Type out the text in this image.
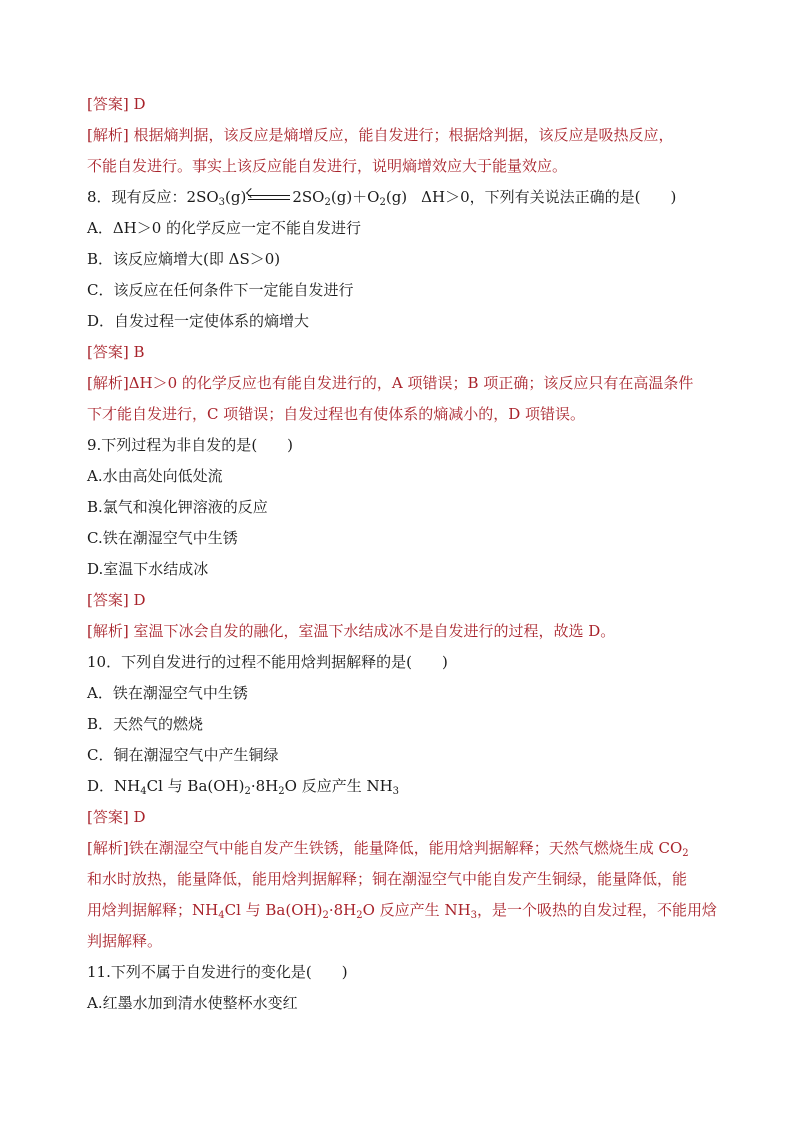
[答案] D
[解析] 根据熵判据，该反应是熵增反应，能自发进行；根据焓判据，该反应是吸热反应，
不能自发进行。事实上该反应能自发进行，说明熵增效应大于能量效应。
8．现有反应：$2SO_3(g)$	$2SO_2(g)+O_2(g)$ ΔH＞0，下列有关说法正确的是(　　)
A．ΔH＞0 的化学反应一定不能自发进行
B．该反应熵增大(即 ΔS＞0)
C．该反应在任何条件下一定能自发进行
D．自发过程一定使体系的熵增大
[答案] B
[解析]ΔH＞0 的化学反应也有能自发进行的，A 项错误；B 项正确；该反应只有在高温条件
下才能自发进行，C 项错误；自发过程也有使体系的熵减小的，D 项错误。
9.下列过程为非自发的是(　　)
A.水由高处向低处流
B.氯气和溴化钾溶液的反应
C.铁在潮湿空气中生锈
D.室温下水结成冰
[答案] D
[解析] 室温下冰会自发的融化，室温下水结成冰不是自发进行的过程，故选 D。
10．下列自发进行的过程不能用焓判据解释的是(　　)
A．铁在潮湿空气中生锈
B．天然气的燃烧
C．铜在潮湿空气中产生铜绿
D．$NH_4Cl$ 与 $Ba(OH)_2\cdot 8H_2O$ 反应产生 $NH_3$
[答案] D
[解析]铁在潮湿空气中能自发产生铁锈，能量降低，能用焓判据解释；天然气燃烧生成 $CO_2$
和水时放热，能量降低，能用焓判据解释；铜在潮湿空气中能自发产生铜绿，能量降低，能
用焓判据解释；$NH_4Cl$ 与 $Ba(OH)_2\cdot 8H_2O$ 反应产生 $NH_3$，是一个吸热的自发过程，不能用焓
判据解释。
11.下列不属于自发进行的变化是(　　)
A.红墨水加到清水使整杯水变红
